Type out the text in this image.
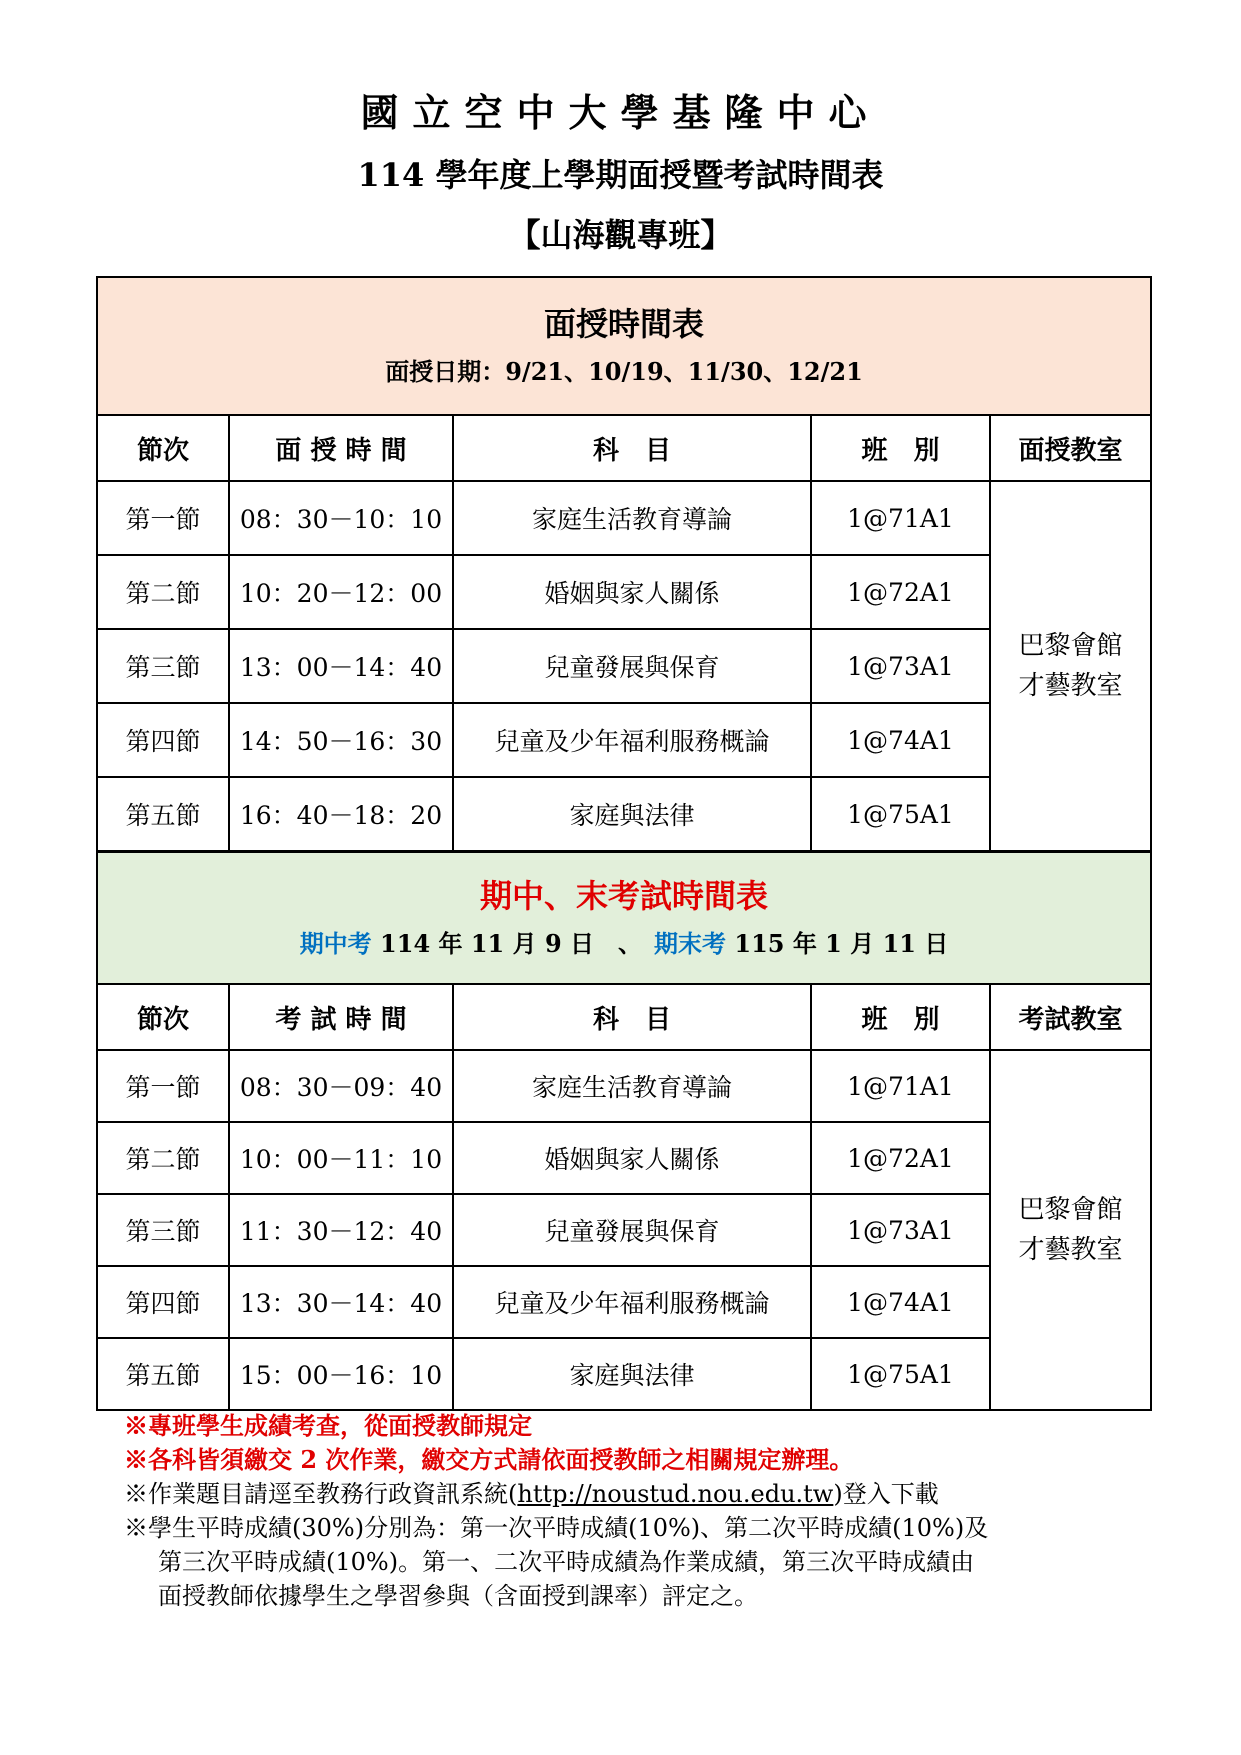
國立空中大學基隆中心
114 學年度上學期面授暨考試時間表
【山海觀專班】
面授時間表
面授日期：9/21、10/19、11/30、12/21				

節次	面 授 時 間	科　目	班　別	面授教室
第一節	08：30－10：10	家庭生活教育導論	1@71A1	巴黎會館
才藝教室

第二節	10：20－12：00	婚姻與家人關係	1@72A1	
第三節	13：00－14：40	兒童發展與保育	1@73A1	
第四節	14：50－16：30	兒童及少年福利服務概論	1@74A1	
第五節	16：40－18：20	家庭與法律	1@75A1	
期中、末考試時間表
期中考 114 年 11 月 9 日　、　期末考 115 年 1 月 11 日				

節次	考 試 時 間	科　目	班　別	考試教室
第一節	08：30－09：40	家庭生活教育導論	1@71A1	巴黎會館
才藝教室

第二節	10：00－11：10	婚姻與家人關係	1@72A1	
第三節	11：30－12：40	兒童發展與保育	1@73A1	
第四節	13：30－14：40	兒童及少年福利服務概論	1@74A1	
第五節	15：00－16：10	家庭與法律	1@75A1	
※專班學生成績考查，從面授教師規定
※各科皆須繳交 2 次作業，繳交方式請依面授教師之相關規定辦理。
※作業題目請逕至教務行政資訊系統(http://noustud.nou.edu.tw)登入下載
※學生平時成績(30%)分別為：第一次平時成績(10%)、第二次平時成績(10%)及
第三次平時成績(10%)。第一、二次平時成績為作業成績，第三次平時成績由
面授教師依據學生之學習參與（含面授到課率）評定之。
